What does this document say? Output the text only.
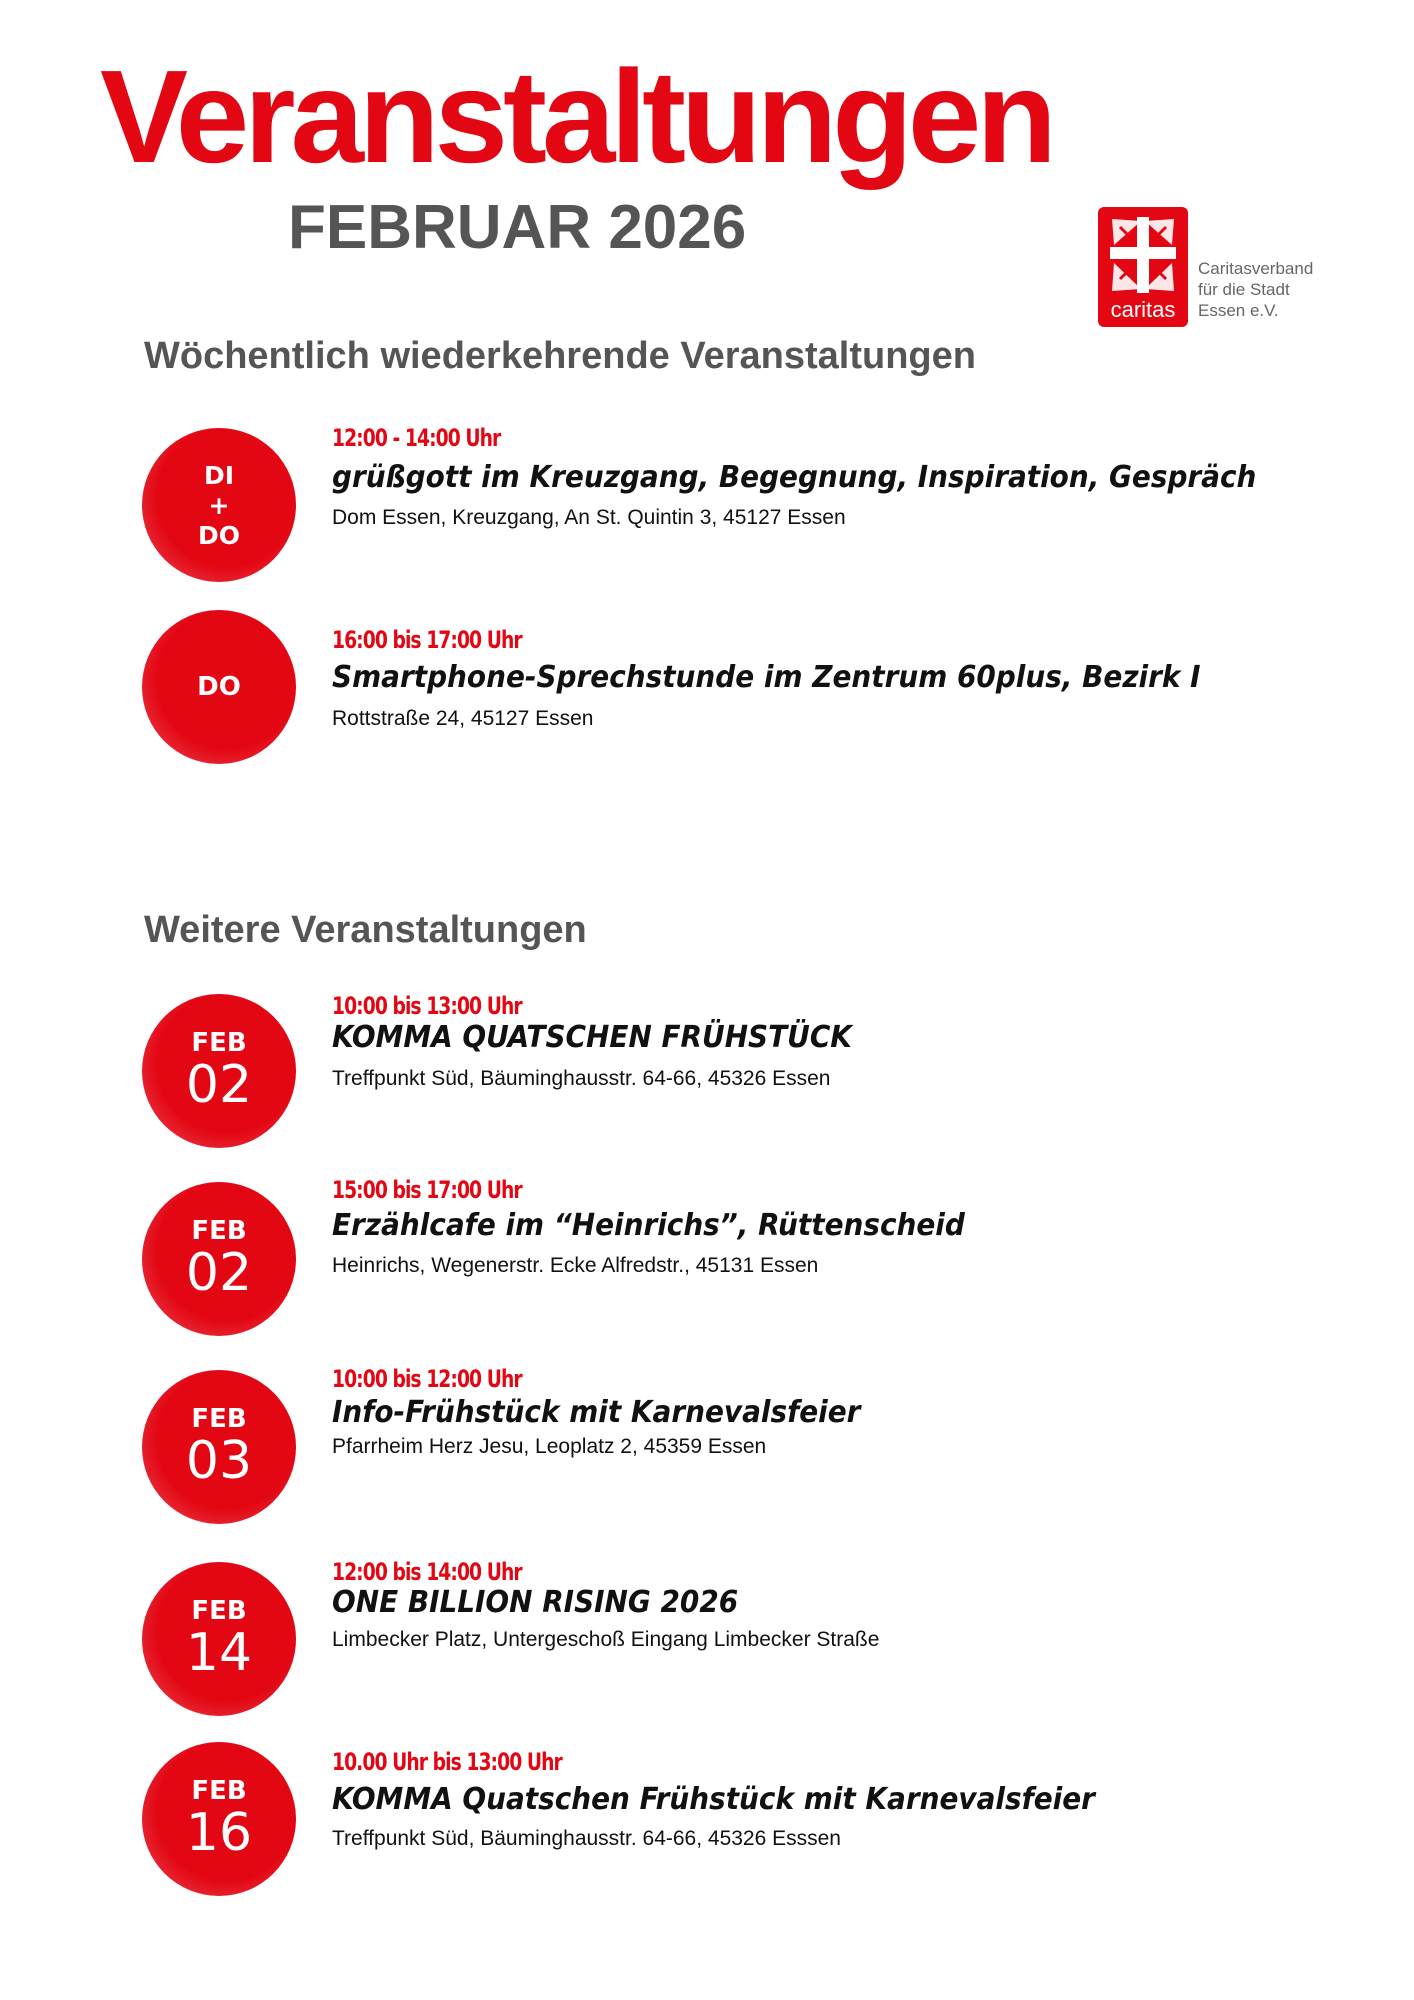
Veranstaltungen
FEBRUAR 2026
caritas
Caritasverband
für die Stadt
Essen e.V.
Wöchentlich wiederkehrende Veranstaltungen
DI
+
DO

12:00 - 14:00 Uhr

grüßgott im Kreuzgang, Begegnung, Inspiration, Gespräch

Dom Essen, Kreuzgang, An St. Quintin 3, 45127 Essen

DO

16:00 bis 17:00 Uhr

Smartphone-Sprechstunde im Zentrum 60plus, Bezirk I

Rottstraße 24, 45127 Essen

Weitere Veranstaltungen
FEB
02

10:00 bis 13:00 Uhr

KOMMA QUATSCHEN FRÜHSTÜCK

Treffpunkt Süd, Bäuminghausstr. 64-66, 45326 Essen

FEB
02

15:00 bis 17:00 Uhr

Erzählcafe im “Heinrichs”, Rüttenscheid

Heinrichs, Wegenerstr. Ecke Alfredstr., 45131 Essen

FEB
03

10:00 bis 12:00 Uhr

Info-Frühstück mit Karnevalsfeier

Pfarrheim Herz Jesu, Leoplatz 2, 45359 Essen

FEB
14

12:00 bis 14:00 Uhr

ONE BILLION RISING 2026

Limbecker Platz, Untergeschoß Eingang Limbecker Straße

FEB
16

10.00 Uhr bis 13:00 Uhr

KOMMA Quatschen Frühstück mit Karnevalsfeier

Treffpunkt Süd, Bäuminghausstr. 64-66, 45326 Esssen
